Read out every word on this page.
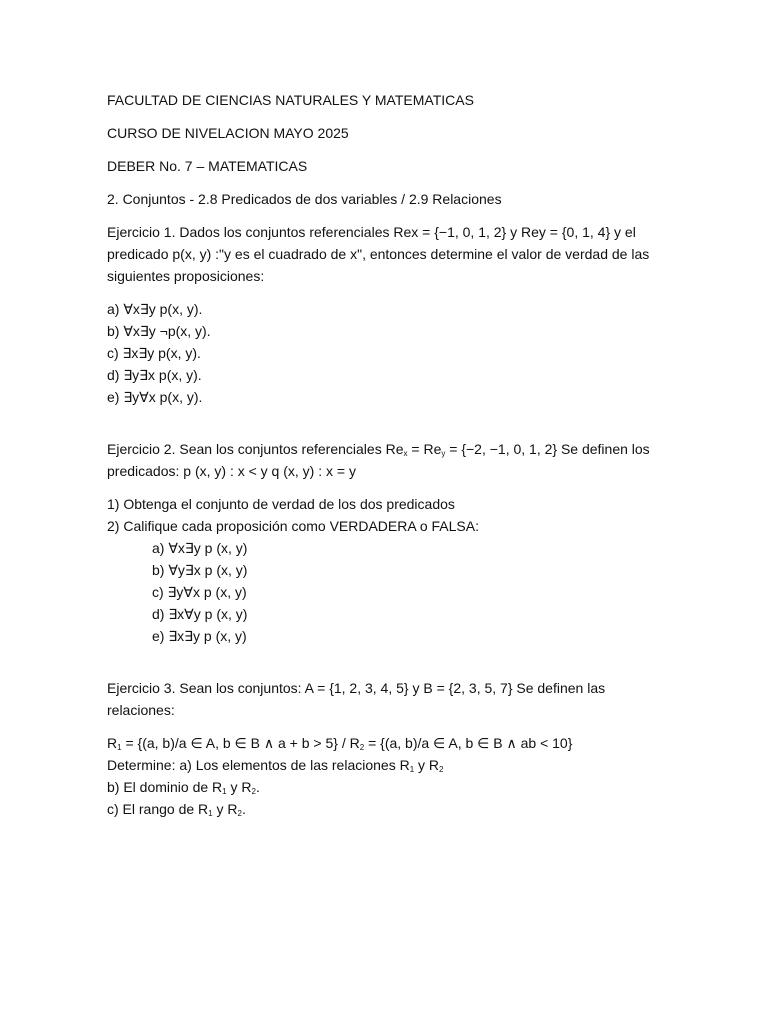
FACULTAD DE CIENCIAS NATURALES Y MATEMATICAS

CURSO DE NIVELACION MAYO 2025

DEBER No. 7 – MATEMATICAS

2. Conjuntos - 2.8 Predicados de dos variables / 2.9 Relaciones

Ejercicio 1. Dados los conjuntos referenciales Rex = {−1, 0, 1, 2} y Rey = {0, 1, 4} y el predicado p(x, y) :"y es el cuadrado de x", entonces determine el valor de verdad de las siguientes proposiciones:

a) ∀x∃y p(x, y).
b) ∀x∃y ¬p(x, y).
c) ∃x∃y p(x, y).
d) ∃y∃x p(x, y).
e) ∃y∀x p(x, y).

Ejercicio 2. Sean los conjuntos referenciales $Re_x = Re_y = \{-2$, −1, 0, 1, 2} Se definen los predicados: p (x, y) : x < y q (x, y) : x = y

1) Obtenga el conjunto de verdad de los dos predicados
2) Califique cada proposición como VERDADERA o FALSA:
a) ∀x∃y p (x, y)
b) ∀y∃x p (x, y)
c) ∃y∀x p (x, y)
d) ∃x∀y p (x, y)
e) ∃x∃y p (x, y)

Ejercicio 3. Sean los conjuntos: A = {1, 2, 3, 4, 5} y B = {2, 3, 5, 7} Se definen las relaciones:

$R_1 = \{(a$, b)/a ∈ A, b ∈ B ∧ $a + b > 5\} / R_2 = \{(a$, b)/a ∈ A, b ∈ B ∧ ab < 10}
Determine: a) Los elementos de las relaciones $R_1$ y $R_2$
b) El dominio de $R_1$ y $R_2$.
c) El rango de $R_1$ y $R_2$.
